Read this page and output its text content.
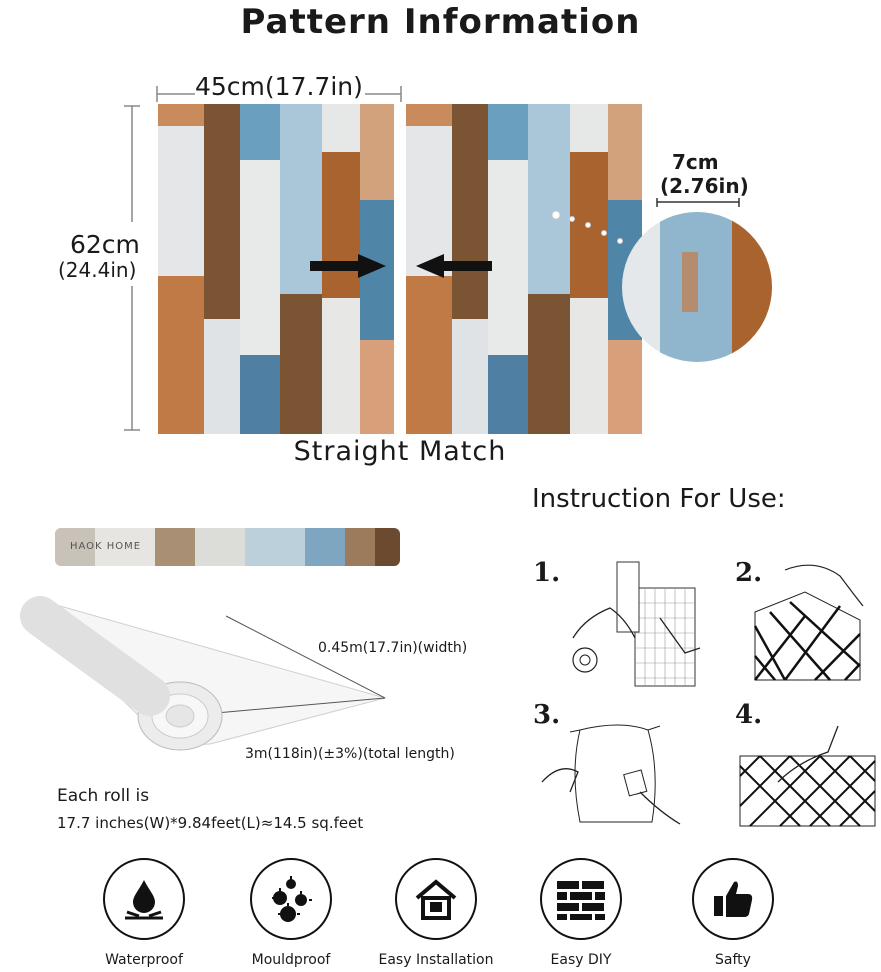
Pattern Information
45cm(17.7in)
62cm
(24.4in)
7cm
(2.76in)
Straight Match
HAOK HOME
0.45m(17.7in)(width)
3m(118in)(±3%)(total length)
Each roll is
17.7 inches(W)*9.84feet(L)≈14.5 sq.feet
Instruction For Use:
1.	2.
3.	4.
Waterproof	Mouldproof	Easy Installation	Easy DIY	Safty
